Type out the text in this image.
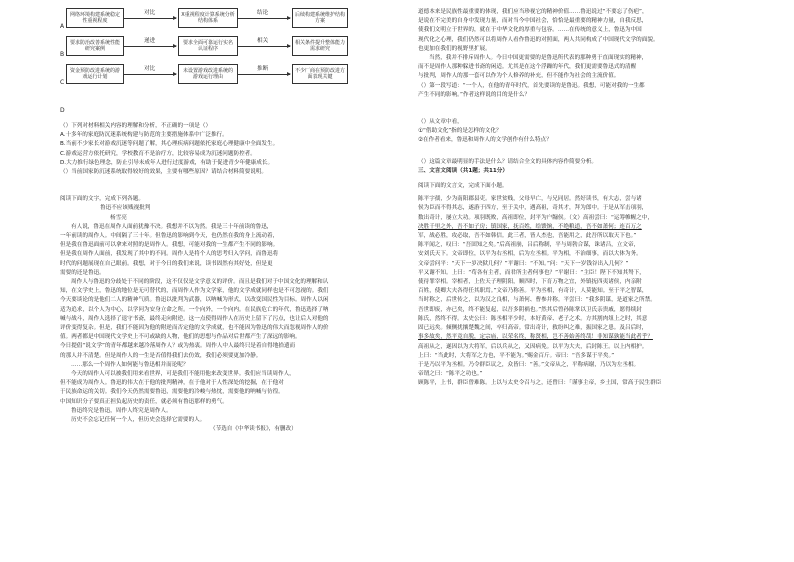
A
网络环境构建系统稳定性重视程度
对比	X重视程度计算系统分析结构体系
结论	后续构建系统维护结构方案
B
要求防治改善系统性能研究案例
递进	要求全面可靠运行实名认证程序
相关	相关条件提升整体能力需求研究
C
资金预防改进系统的游戏运行计划
对比	未设置游戏改进系统的游戏运行理由
推断	不少厂商在预防改进方面表现关键
D
（）下列对材料相关内容的理解和分析，不正确的一项是（）
A.十多年的家庭防沉迷系统构建与防范的主要措施体系中广泛推行。
B.当前不少家长对游戏沉迷等问题了解，其心理疾病问题依托家庭心理健康中全面发生。
C.游戏运营方依托研究，学校教育不是治疗方，比较容易成为沉迷问题防控者。
D.大力推行绿色理念，防止引导未成年人进行过度游戏，有助于促进青少年健康成长。
（）当前国家防沉迷系统取得较好的效果，主要有哪些原因？请结合材料简要说明。
阅读下面的文字，完成下列各题。
鲁迅不应该贱视批判
杨雪亮
有人说，鲁迅在周作人面前犹豫不决。我想并不以为然。我是三十年前读的鲁迅，
一年前读的周作人。中间隔了三十年。但鲁迅的影响到今天，也仍然在我的身上流动着，
但是我在鲁迅面前可以拿来对照的是周作人。我想，可能对我的一生都产生不同的影响。
但是我在周作人面前，我发现了其中的不同。周作人是将个人的思考归入学问，而鲁迅将
时代的问题展现在自己眼前。我想，对于今日的我们来说，读书固然有其好处，但是更
需要的还是鲁迅。
周作人与鲁迅的分歧处于不同的阶段，这不仅仅是文学意义的评价。而且是我们对于中国文化的理解和认
知，在文学史上，鲁迅的地位是无可替代的，而周作人作为文学家，他的文学成就同样也是不可忽视的。我们
今天要谈论的是他们二人的精神气质。鲁迅以批判为武器，以呐喊为形式，以改变国民性为目标。周作人以闲
适为追求，以个人为中心，以学问为安身立命之所。一个向外，一个向内。在民族危亡的年代，鲁迅选择了呐
喊与战斗，周作人选择了退守书斋，最终走向附逆。这一点使得周作人在历史上留下了污点，也让后人对他的
评价变得复杂。但是，我们不能因为他的附逆而否定他的文学成就，也不能因为鲁迅的伟大而忽视周作人的价
值。两者都是中国现代文学史上不可或缺的人物，他们的思想与作品对后世都产生了深远的影响。
今日提倡“说文学”的青年都越来越冷落周作人？或为热衷。周作人中人最终只是着自得地拾遗而
的那人并不清楚。但是周作人的一生是否值得我们去仿效，我们必须要更加冷静。
……那么一个周作人如何能与鲁迅相并而论呢？
今天的周作人可以被我们用来看世界，可是我们不能用他来改变世界。我们应当读周作人，
但不能成为周作人。鲁迅的伟大在于他的批判精神，在于他对于人性深处的挖掘，在于他对
于民族命运的关切。我们今天仍然需要鲁迅，需要他的冷峻与热忱，需要他的呐喊与彷徨。
中国知识分子要真正担负起历史的责任，就必须有鲁迅那样的勇气。
鲁迅终究是鲁迅，周作人终究是周作人。
历史不会忘记任何一个人，但历史会选择它需要的人。
（节选自《中华读书报》，有删改）
道德本来是民族性最重要的体现，我们应当珍视它的精神价值……鲁迅说过“不要忘了伤疤”，
是说在不完美的自身中发现力量，而对当今中国社会，恰恰是最重要的精神力量，自我反思，
使我们文明立于世界的，就在于中华文化的厚重与包容。……在传统的意义上，鲁迅为中国
现代化之心理，我们仍然可以将周作人看作鲁迅的对照面，两人共同构成了中国现代文学的面貌。
也更加在我们的视野里扩展。
当然，我并不排斥周作人。今日中国更需要的是鲁迅所代表的那种勇于直面现实的精神，
而不是周作人那种躲进书斋的闲适。尤其是在这个浮躁的年代，我们更需要鲁迅式的清醒
与批判，周作人的那一套可以作为个人修养的补充，但不能作为社会的主流价值。
（）第一段写道：“一个人，在他的青年时代，首先要读的是鲁迅。我想，可能对我的一生都
产生不同的影响。”作者这样说的目的是什么？
（）从文章中看，
①“借助文化”指的是怎样的文化？
②在作者看来，鲁迅和周作人的文学创作有什么特点？
（）这篇文章最明显的手法是什么？请结合全文的具体内容作简要分析。
三、文言文阅读（共1题；共11分）
阅读下面的文言文，完成下面小题。
陈平字孺，少为南阳郡县吏。家世贫贱，父母早亡，与兄同居。然好读书，有大志，尝与诸
侯为臣而不得其志，遂游于四方，至于关中，遇高祖，奇其才，拜为郎中。于是从军击项羽，
数出奇计，屡立大功。项羽既败，高祖即位，封平为户牖侯。（文）高祖尝曰：“运筹帷幄之中，
决胜千里之外，吾不如子房；镇国家，抚百姓，给馈饷，不绝粮道，吾不如萧何；连百万之
军，战必胜，攻必取，吾不如韩信。此三者，皆人杰也，吾能用之，此吾所以取天下也。”
陈平闻之，叹曰：“吾固知之矣。”后高祖崩，吕后称制，平与周勃合谋，诛诸吕，立文帝，
安刘氏天下。文帝即位，以平为右丞相，后为左丞相。平为相，不治细事，而以大体为务。
文帝尝问平：“天下一岁决狱几何？”平谢曰：“不知。”问：“天下一岁钱谷出入几何？”
平又谢不知。上曰：“苟各有主者，而君所主者何事也？”平谢曰：“主臣！陛下不知其驽下，
使待罪宰相。宰相者，上佐天子理阴阳，顺四时，下育万物之宜，外镇抚四夷诸侯，内亲附
百姓，使卿大夫各得任其职焉。”文帝乃称善。平为丞相，有奇计，人莫能知。至于平之智谋，
当时称之，后世传之，以为汉之良相，与萧何、曹参并称。平尝曰：“我多阴谋，是道家之所禁。
吾世即废，亦已矣，终不能复起，以吾多阴祸也。”然其后曾孙陈掌以卫氏亲贵戚，愿得续封
陈氏，然终不得。太史公曰：陈丞相平少时，本好黄帝、老子之术。方其割肉俎上之时，其意
固已远矣。倾侧扰攘楚魏之间，卒归高帝。常出奇计，救纷纠之难，振国家之患。及吕后时，
事多故矣，然平竟自脱，定宗庙，以荣名终，称贤相，岂不善始善终哉！非知谋孰能当此者乎？
高祖从之，遂因以为大将军，后以兵从之，又因病免。以平为大夫，后封陈王。以上内相护。
上曰：“当此时，大将军之力也，平不能为。”赐金百斤。帝曰：“吾多谋于平矣。”
于是乃以平为丞相。乃令群臣议之，众皆曰：“善。”文帝从之，平称病谢，乃以为左丞相。
帝谓之曰：“陈平之功也。”
顾陈平，上书，群臣曾难陈。上以与太史令召与之，还曾曰：「谨事主帝，乡土国，常高于民生群臣
